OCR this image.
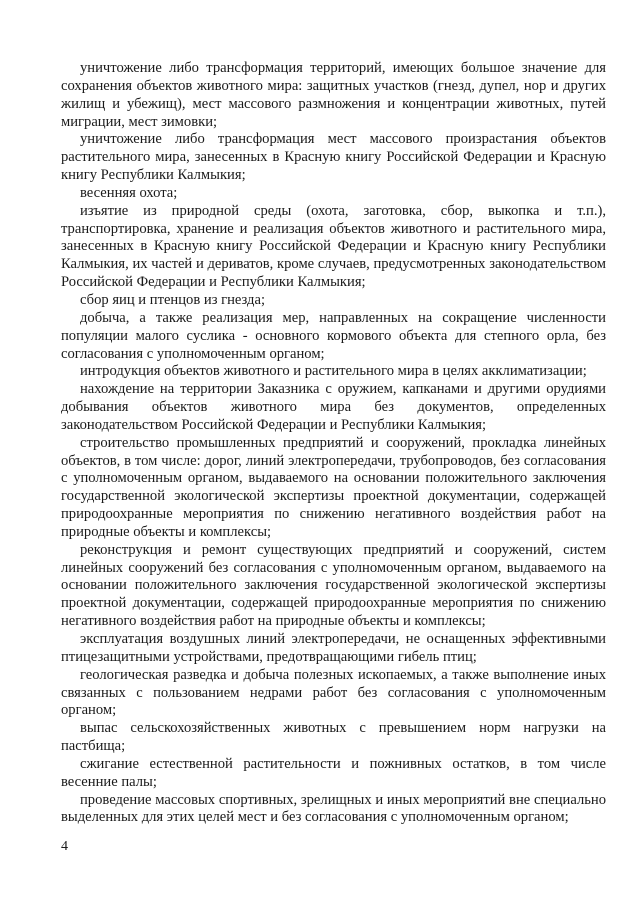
уничтожение либо трансформация территорий, имеющих большое значение для сохранения объектов животного мира: защитных участков (гнезд, дупел, нор и других жилищ и убежищ), мест массового размножения и концентрации животных, путей миграции, мест зимовки;

уничтожение либо трансформация мест массового произрастания объектов растительного мира, занесенных в Красную книгу Российской Федерации и Красную книгу Республики Калмыкия;

весенняя охота;

изъятие из природной среды (охота, заготовка, сбор, выкопка и т.п.), транспортировка, хранение и реализация объектов животного и растительного мира, занесенных в Красную книгу Российской Федерации и Красную книгу Республики Калмыкия, их частей и дериватов, кроме случаев, предусмотренных законодательством Российской Федерации и Республики Калмыкия;

сбор яиц и птенцов из гнезда;

добыча, а также реализация мер, направленных на сокращение численности популяции малого суслика - основного кормового объекта для степного орла, без согласования с уполномоченным органом;

интродукция объектов животного и растительного мира в целях акклиматизации;

нахождение на территории Заказника с оружием, капканами и другими орудиями добывания объектов животного мира без документов, определенных законодательством Российской Федерации и Республики Калмыкия;

строительство промышленных предприятий и сооружений, прокладка линейных объектов, в том числе: дорог, линий электропередачи, трубопроводов, без согласования с уполномоченным органом, выдаваемого на основании положительного заключения государственной экологической экспертизы проектной документации, содержащей природоохранные мероприятия по снижению негативного воздействия работ на природные объекты и комплексы;

реконструкция и ремонт существующих предприятий и сооружений, систем линейных сооружений без согласования с уполномоченным органом, выдаваемого на основании положительного заключения государственной экологической экспертизы проектной документации, содержащей природоохранные мероприятия по снижению негативного воздействия работ на природные объекты и комплексы;

эксплуатация воздушных линий электропередачи, не оснащенных эффективными птицезащитными устройствами, предотвращающими гибель птиц;

геологическая разведка и добыча полезных ископаемых, а также выполнение иных связанных с пользованием недрами работ без согласования с уполномоченным органом;

выпас сельскохозяйственных животных с превышением норм нагрузки на пастбища;

сжигание естественной растительности и пожнивных остатков, в том числе весенние палы;

проведение массовых спортивных, зрелищных и иных мероприятий вне специально выделенных для этих целей мест и без согласования с уполномоченным органом;

4
